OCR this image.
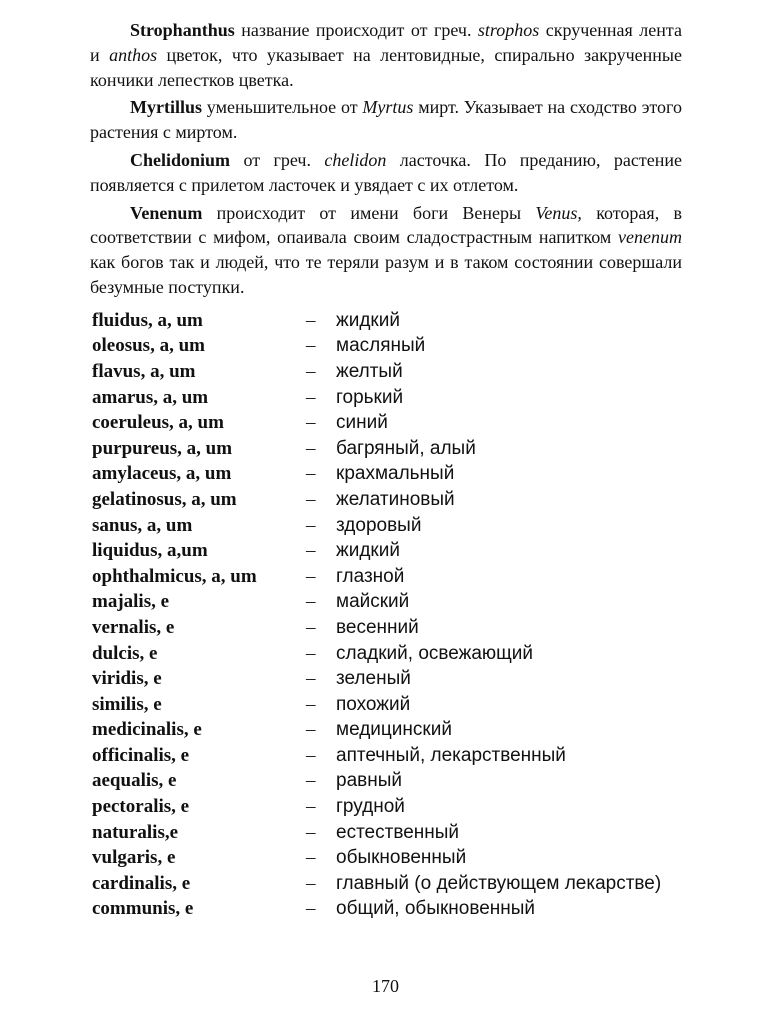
Strophanthus название происходит от греч. strophos скрученная лента и anthos цветок, что указывает на лентовидные, спирально закрученные кончики лепестков цветка.

Myrtillus уменьшительное от Myrtus мирт. Указывает на сходство этого растения с миртом.

Chelidonium от греч. chelidon ласточка. По преданию, растение появляется с прилетом ласточек и увядает с их отлетом.

Venenum происходит от имени боги Венеры Venus, которая, в соответствии с мифом, опаивала своим сладострастным напитком venenum как богов так и людей, что те теряли разум и в таком состоянии совершали безумные поступки.

fluidus, a, um	–	жидкий
oleosus, a, um	–	масляный
flavus, a, um	–	желтый
amarus, a, um	–	горький
coeruleus, a, um	–	синий
purpureus, a, um	–	багряный, алый
amylaceus, a, um	–	крахмальный
gelatinosus, a, um	–	желатиновый
sanus, a, um	–	здоровый
liquidus, a,um	–	жидкий
ophthalmicus, a, um	–	глазной
majalis, e	–	майский
vernalis, e	–	весенний
dulcis, e	–	сладкий, освежающий
viridis, e	–	зеленый
similis, e	–	похожий
medicinalis, e	–	медицинский
officinalis, e	–	аптечный, лекарственный
aequalis, e	–	равный
pectoralis, e	–	грудной
naturalis,e	–	естественный
vulgaris, e	–	обыкновенный
cardinalis, e	–	главный (о действующем лекарстве)
communis, e	–	общий, обыкновенный
170
